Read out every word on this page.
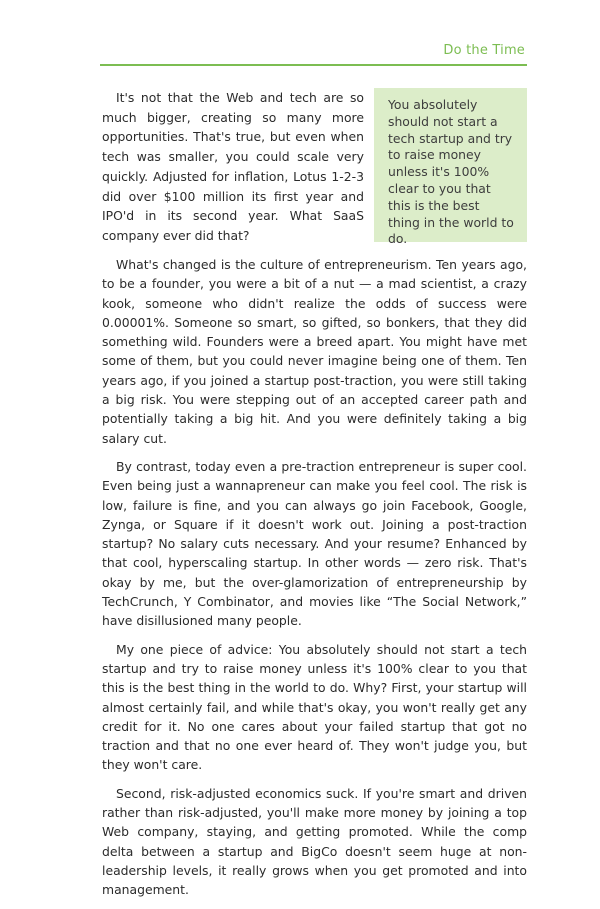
Do the Time

It's not that the Web and tech are so much bigger, creating so many more opportunities. That's true, but even when tech was smaller, you could scale very quickly. Adjusted for inflation, Lotus 1-2-3 did over $100 million its first year and IPO'd in its second year. What SaaS company ever did that?

You absolutely should not start a tech startup and try to raise money unless it's 100% clear to you that this is the best thing in the world to do.

What's changed is the culture of entrepreneurism. Ten years ago, to be a founder, you were a bit of a nut — a mad scientist, a crazy kook, someone who didn't realize the odds of success were 0.00001%. Someone so smart, so gifted, so bonkers, that they did something wild. Founders were a breed apart. You might have met some of them, but you could never imagine being one of them. Ten years ago, if you joined a startup post-traction, you were still taking a big risk. You were stepping out of an accepted career path and potentially taking a big hit. And you were definitely taking a big salary cut.

By contrast, today even a pre-traction entrepreneur is super cool. Even being just a wannapreneur can make you feel cool. The risk is low, failure is fine, and you can always go join Facebook, Google, Zynga, or Square if it doesn't work out. Joining a post-traction startup? No salary cuts necessary. And your resume? Enhanced by that cool, hyperscaling startup. In other words — zero risk. That's okay by me, but the over-glamorization of entrepreneurship by TechCrunch, Y Combinator, and movies like “The Social Network,” have disillusioned many people.

My one piece of advice: You absolutely should not start a tech startup and try to raise money unless it's 100% clear to you that this is the best thing in the world to do. Why? First, your startup will almost certainly fail, and while that's okay, you won't really get any credit for it. No one cares about your failed startup that got no traction and that no one ever heard of. They won't judge you, but they won't care.

Second, risk-adjusted economics suck. If you're smart and driven rather than risk-adjusted, you'll make more money by joining a top Web company, staying, and getting promoted. While the comp delta between a startup and BigCo doesn't seem huge at non-leadership levels, it really grows when you get promoted and into management.
